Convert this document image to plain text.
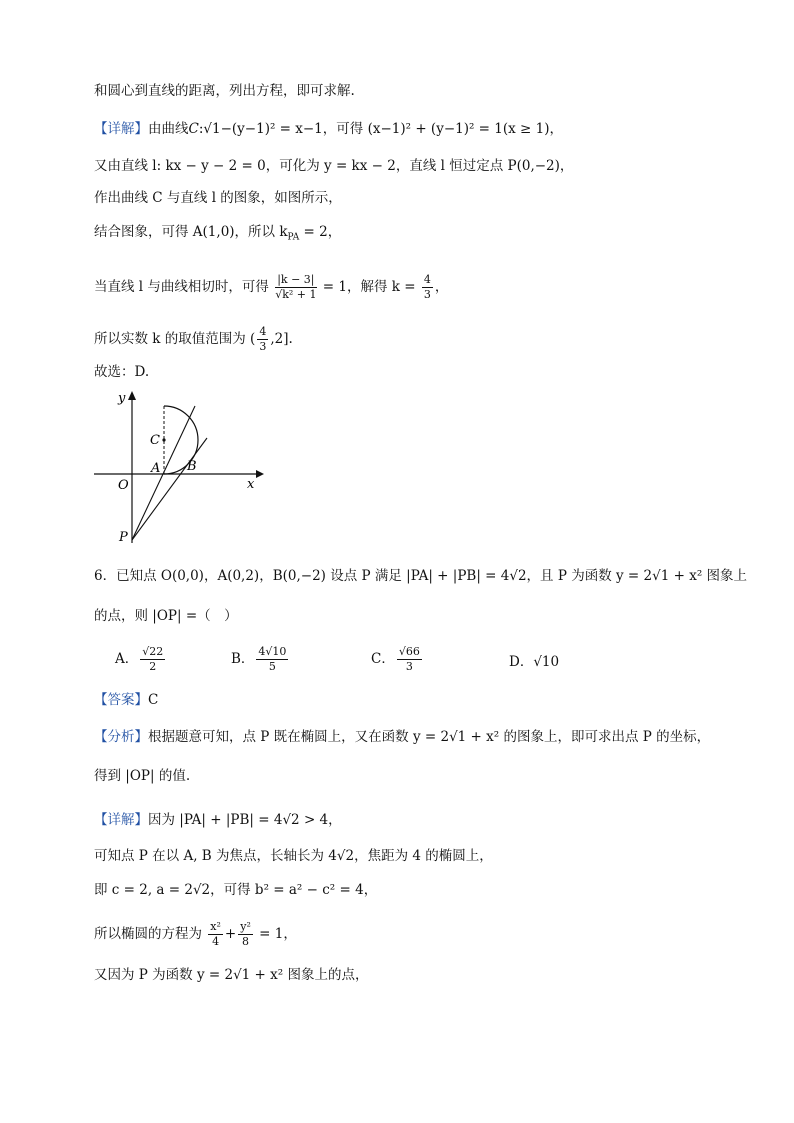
和圆心到直线的距离，列出方程，即可求解.
【详解】由曲线C:√1−(y−1)² = x−1，可得 (x−1)² + (y−1)² = 1(x ≥ 1)，
又由直线 l: kx − y − 2 = 0，可化为 y = kx − 2，直线 l 恒过定点 P(0,−2)，
作出曲线 C 与直线 l 的图象，如图所示，
结合图象，可得 A(1,0)，所以 $k_{PA} = 2$，
当直线 l 与曲线相切时，可得 $\frac{|k - 3|}{\text{√k² + 1}} = 1$，解得 $k = \frac{4}{3}$ ，
所以实数 k 的取值范围为 ( $\frac{4}{3} ,2$].
故选：D.
y
x
O
C
A B
P
6．已知点 O(0,0)，A(0,2)，B(0,−2) 设点 P 满足 |PA| + |PB| = 4√2，且 P 为函数 y = 2√1 + x² 图象上
的点，则 |OP| =（　）
A． $\frac{√22}{2}$	B． $\frac{4√10}{5}$	C． $\frac{√66}{3}$	D．√10
【答案】C
【分析】根据题意可知，点 P 既在椭圆上，又在函数 y = 2√1 + x² 的图象上，即可求出点 P 的坐标，
得到 |OP| 的值.
【详解】因为 |PA| + |PB| = 4√2 > 4，
可知点 P 在以 A, B 为焦点，长轴长为 4√2，焦距为 4 的椭圆上，
即 c = 2, a = 2√2，可得 b² = a² − c² = 4，
所以椭圆的方程为 $\frac{\text{x²}}{4} + \frac{\text{y²}}{8} = 1$，
又因为 P 为函数 y = 2√1 + x² 图象上的点，
